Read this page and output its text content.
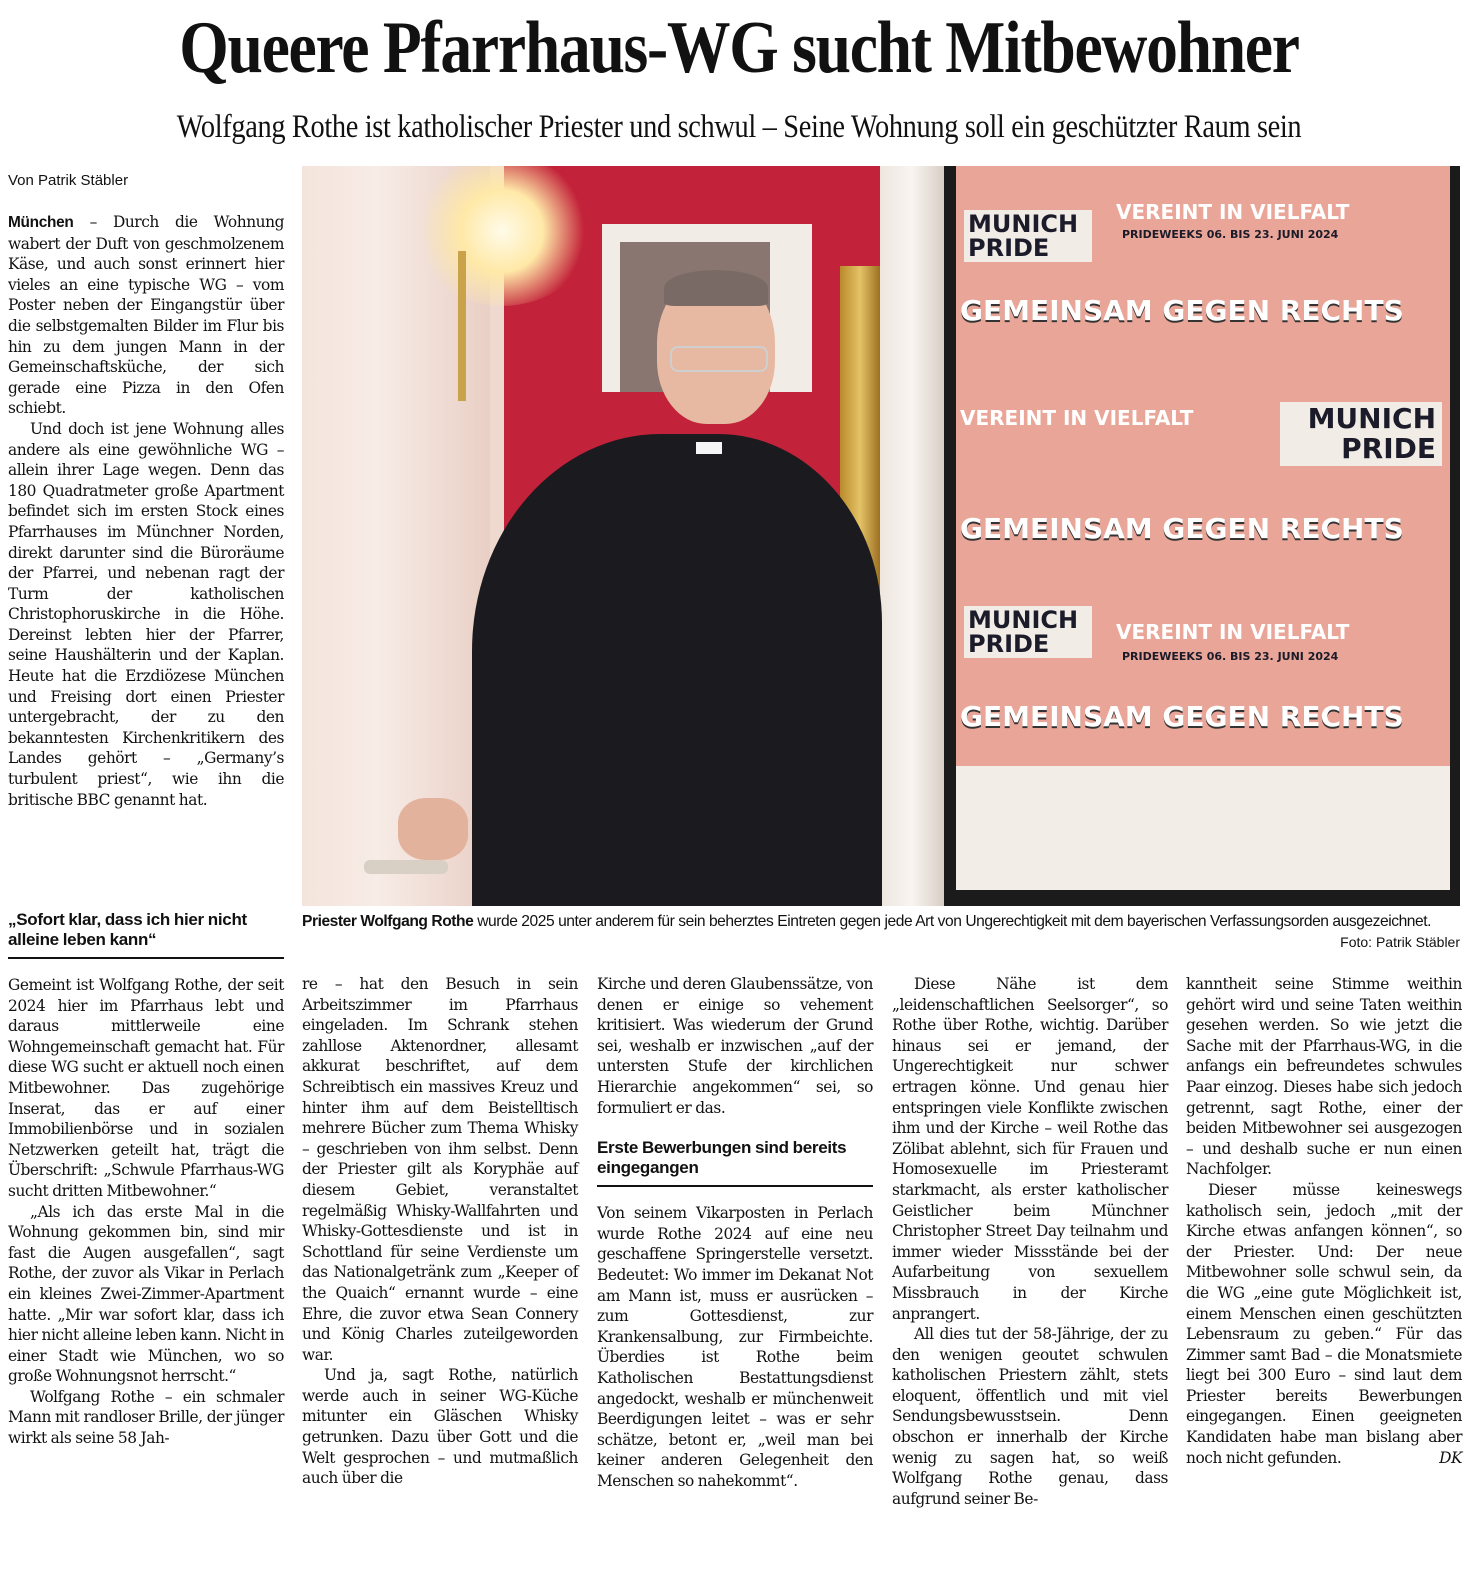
Queere Pfarrhaus-WG sucht Mitbewohner
Wolfgang Rothe ist katholischer Priester und schwul – Seine Wohnung soll ein geschützter Raum sein
Von Patrik Stäbler

München – Durch die Wohnung wabert der Duft von geschmolzenem Käse, und auch sonst erinnert hier vieles an eine typische WG – vom Poster neben der Eingangstür über die selbstgemalten Bilder im Flur bis hin zu dem jungen Mann in der Gemeinschaftsküche, der sich gerade eine Pizza in den Ofen schiebt.

Und doch ist jene Wohnung alles andere als eine gewöhnliche WG – allein ihrer Lage wegen. Denn das 180 Quadratmeter große Apartment befindet sich im ersten Stock eines Pfarrhauses im Münchner Norden, direkt darunter sind die Büroräume der Pfarrei, und nebenan ragt der Turm der katholischen Christophoruskirche in die Höhe. Dereinst lebten hier der Pfarrer, seine Haushälterin und der Kaplan. Heute hat die Erzdiözese München und Freising dort einen Priester untergebracht, der zu den bekanntesten Kirchenkritikern des Landes gehört – „Germany’s turbulent priest“, wie ihn die britische BBC genannt hat.

MUNICH PRIDE
VEREINT IN VIELFALT
PRIDEWEEKS 06. BIS 23. JUNI 2024
GEMEINSAM GEGEN RECHTS
VEREINT IN VIELFALT	MUNICH PRIDE
GEMEINSAM GEGEN RECHTS
MUNICH PRIDE	VEREINT IN VIELFALT
PRIDEWEEKS 06. BIS 23. JUNI 2024
GEMEINSAM GEGEN RECHTS
Priester Wolfgang Rothe wurde 2025 unter anderem für sein beherztes Eintreten gegen jede Art von Ungerechtigkeit mit dem bayerischen Verfassungsorden ausgezeichnet.
Foto: Patrik Stäbler
„Sofort klar, dass ich hier nicht alleine leben kann“

Gemeint ist Wolfgang Rothe, der seit 2024 hier im Pfarrhaus lebt und daraus mittlerweile eine Wohngemeinschaft gemacht hat. Für diese WG sucht er aktuell noch einen Mitbewohner. Das zugehörige Inserat, das er auf einer Immobilienbörse und in sozialen Netzwerken geteilt hat, trägt die Überschrift: „Schwule Pfarrhaus-WG sucht dritten Mitbewohner.“

„Als ich das erste Mal in die Wohnung gekommen bin, sind mir fast die Augen ausgefallen“, sagt Rothe, der zuvor als Vikar in Perlach ein kleines Zwei-Zimmer-Apartment hatte. „Mir war sofort klar, dass ich hier nicht alleine leben kann. Nicht in einer Stadt wie München, wo so große Wohnungsnot herrscht.“

Wolfgang Rothe – ein schmaler Mann mit randloser Brille, der jünger wirkt als seine 58 Jah-

re – hat den Besuch in sein Arbeitszimmer im Pfarrhaus eingeladen. Im Schrank stehen zahllose Aktenordner, allesamt akkurat beschriftet, auf dem Schreibtisch ein massives Kreuz und hinter ihm auf dem Beistelltisch mehrere Bücher zum Thema Whisky – geschrieben von ihm selbst. Denn der Priester gilt als Koryphäe auf diesem Gebiet, veranstaltet regelmäßig Whisky-Wallfahrten und Whisky-Gottesdienste und ist in Schottland für seine Verdienste um das Nationalgetränk zum „Keeper of the Quaich“ ernannt wurde – eine Ehre, die zuvor etwa Sean Connery und König Charles zuteilgeworden war.

Und ja, sagt Rothe, natürlich werde auch in seiner WG-Küche mitunter ein Gläschen Whisky getrunken. Dazu über Gott und die Welt gesprochen – und mutmaßlich auch über die

Kirche und deren Glaubenssätze, von denen er einige so vehement kritisiert. Was wiederum der Grund sei, weshalb er inzwischen „auf der untersten Stufe der kirchlichen Hierarchie angekommen“ sei, so formuliert er das.

Erste Bewerbungen sind bereits eingegangen

Von seinem Vikarposten in Perlach wurde Rothe 2024 auf eine neu geschaffene Springerstelle versetzt. Bedeutet: Wo immer im Dekanat Not am Mann ist, muss er ausrücken – zum Gottesdienst, zur Krankensalbung, zur Firmbeichte. Überdies ist Rothe beim Katholischen Bestattungsdienst angedockt, weshalb er münchenweit Beerdigungen leitet – was er sehr schätze, betont er, „weil man bei keiner anderen Gelegenheit den Menschen so nahekommt“.

Diese Nähe ist dem „leidenschaftlichen Seelsorger“, so Rothe über Rothe, wichtig. Darüber hinaus sei er jemand, der Ungerechtigkeit nur schwer ertragen könne. Und genau hier entspringen viele Konflikte zwischen ihm und der Kirche – weil Rothe das Zölibat ablehnt, sich für Frauen und Homosexuelle im Priesteramt starkmacht, als erster katholischer Geistlicher beim Münchner Christopher Street Day teilnahm und immer wieder Missstände bei der Aufarbeitung von sexuellem Missbrauch in der Kirche anprangert.

All dies tut der 58-Jährige, der zu den wenigen geoutet schwulen katholischen Priestern zählt, stets eloquent, öffentlich und mit viel Sendungsbewusstsein. Denn obschon er innerhalb der Kirche wenig zu sagen hat, so weiß Wolfgang Rothe genau, dass aufgrund seiner Be-

kanntheit seine Stimme weithin gehört wird und seine Taten weithin gesehen werden. So wie jetzt die Sache mit der Pfarrhaus-WG, in die anfangs ein befreundetes schwules Paar einzog. Dieses habe sich jedoch getrennt, sagt Rothe, einer der beiden Mitbewohner sei ausgezogen – und deshalb suche er nun einen Nachfolger.

Dieser müsse keineswegs katholisch sein, jedoch „mit der Kirche etwas anfangen können“, so der Priester. Und: Der neue Mitbewohner solle schwul sein, da die WG „eine gute Möglichkeit ist, einem Menschen einen geschützten Lebensraum zu geben.“ Für das Zimmer samt Bad – die Monatsmiete liegt bei 300 Euro – sind laut dem Priester bereits Bewerbungen eingegangen. Einen geeigneten Kandidaten habe man bislang aber noch nicht gefunden.	DK
